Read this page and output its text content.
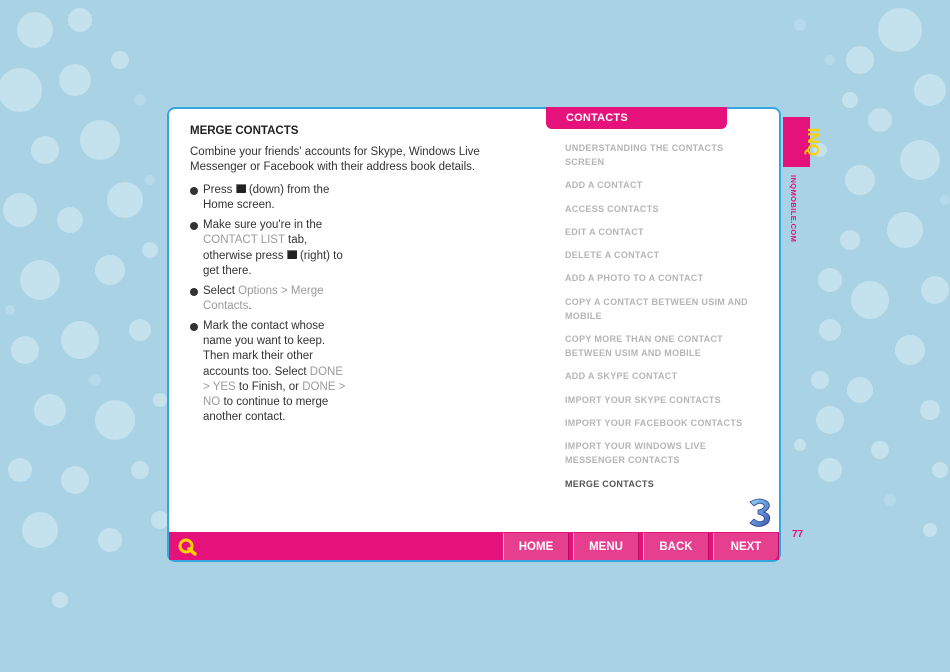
MERGE CONTACTS
Combine your friends' accounts for Skype, Windows Live Messenger or Facebook with their address book details.
Press (down) from the Home screen.
Make sure you're in the CONTACT LIST tab, otherwise press (right) to get there.
Select Options > Merge Contacts.
Mark the contact whose name you want to keep. Then mark their other accounts too. Select DONE > YES to Finish, or DONE > NO to continue to merge another contact.
CONTACTS
UNDERSTANDING THE CONTACTS SCREEN
ADD A CONTACT
ACCESS CONTACTS
EDIT A CONTACT
DELETE A CONTACT
ADD A PHOTO TO A CONTACT
COPY A CONTACT BETWEEN USIM AND MOBILE
COPY MORE THAN ONE CONTACT BETWEEN USIM AND MOBILE
ADD A SKYPE CONTACT
IMPORT YOUR SKYPE CONTACTS
IMPORT YOUR FACEBOOK CONTACTS
IMPORT YOUR WINDOWS LIVE MESSENGER CONTACTS
MERGE CONTACTS
HOME	MENU	BACK	NEXT
INQ
INQMOBILE.COM
77
